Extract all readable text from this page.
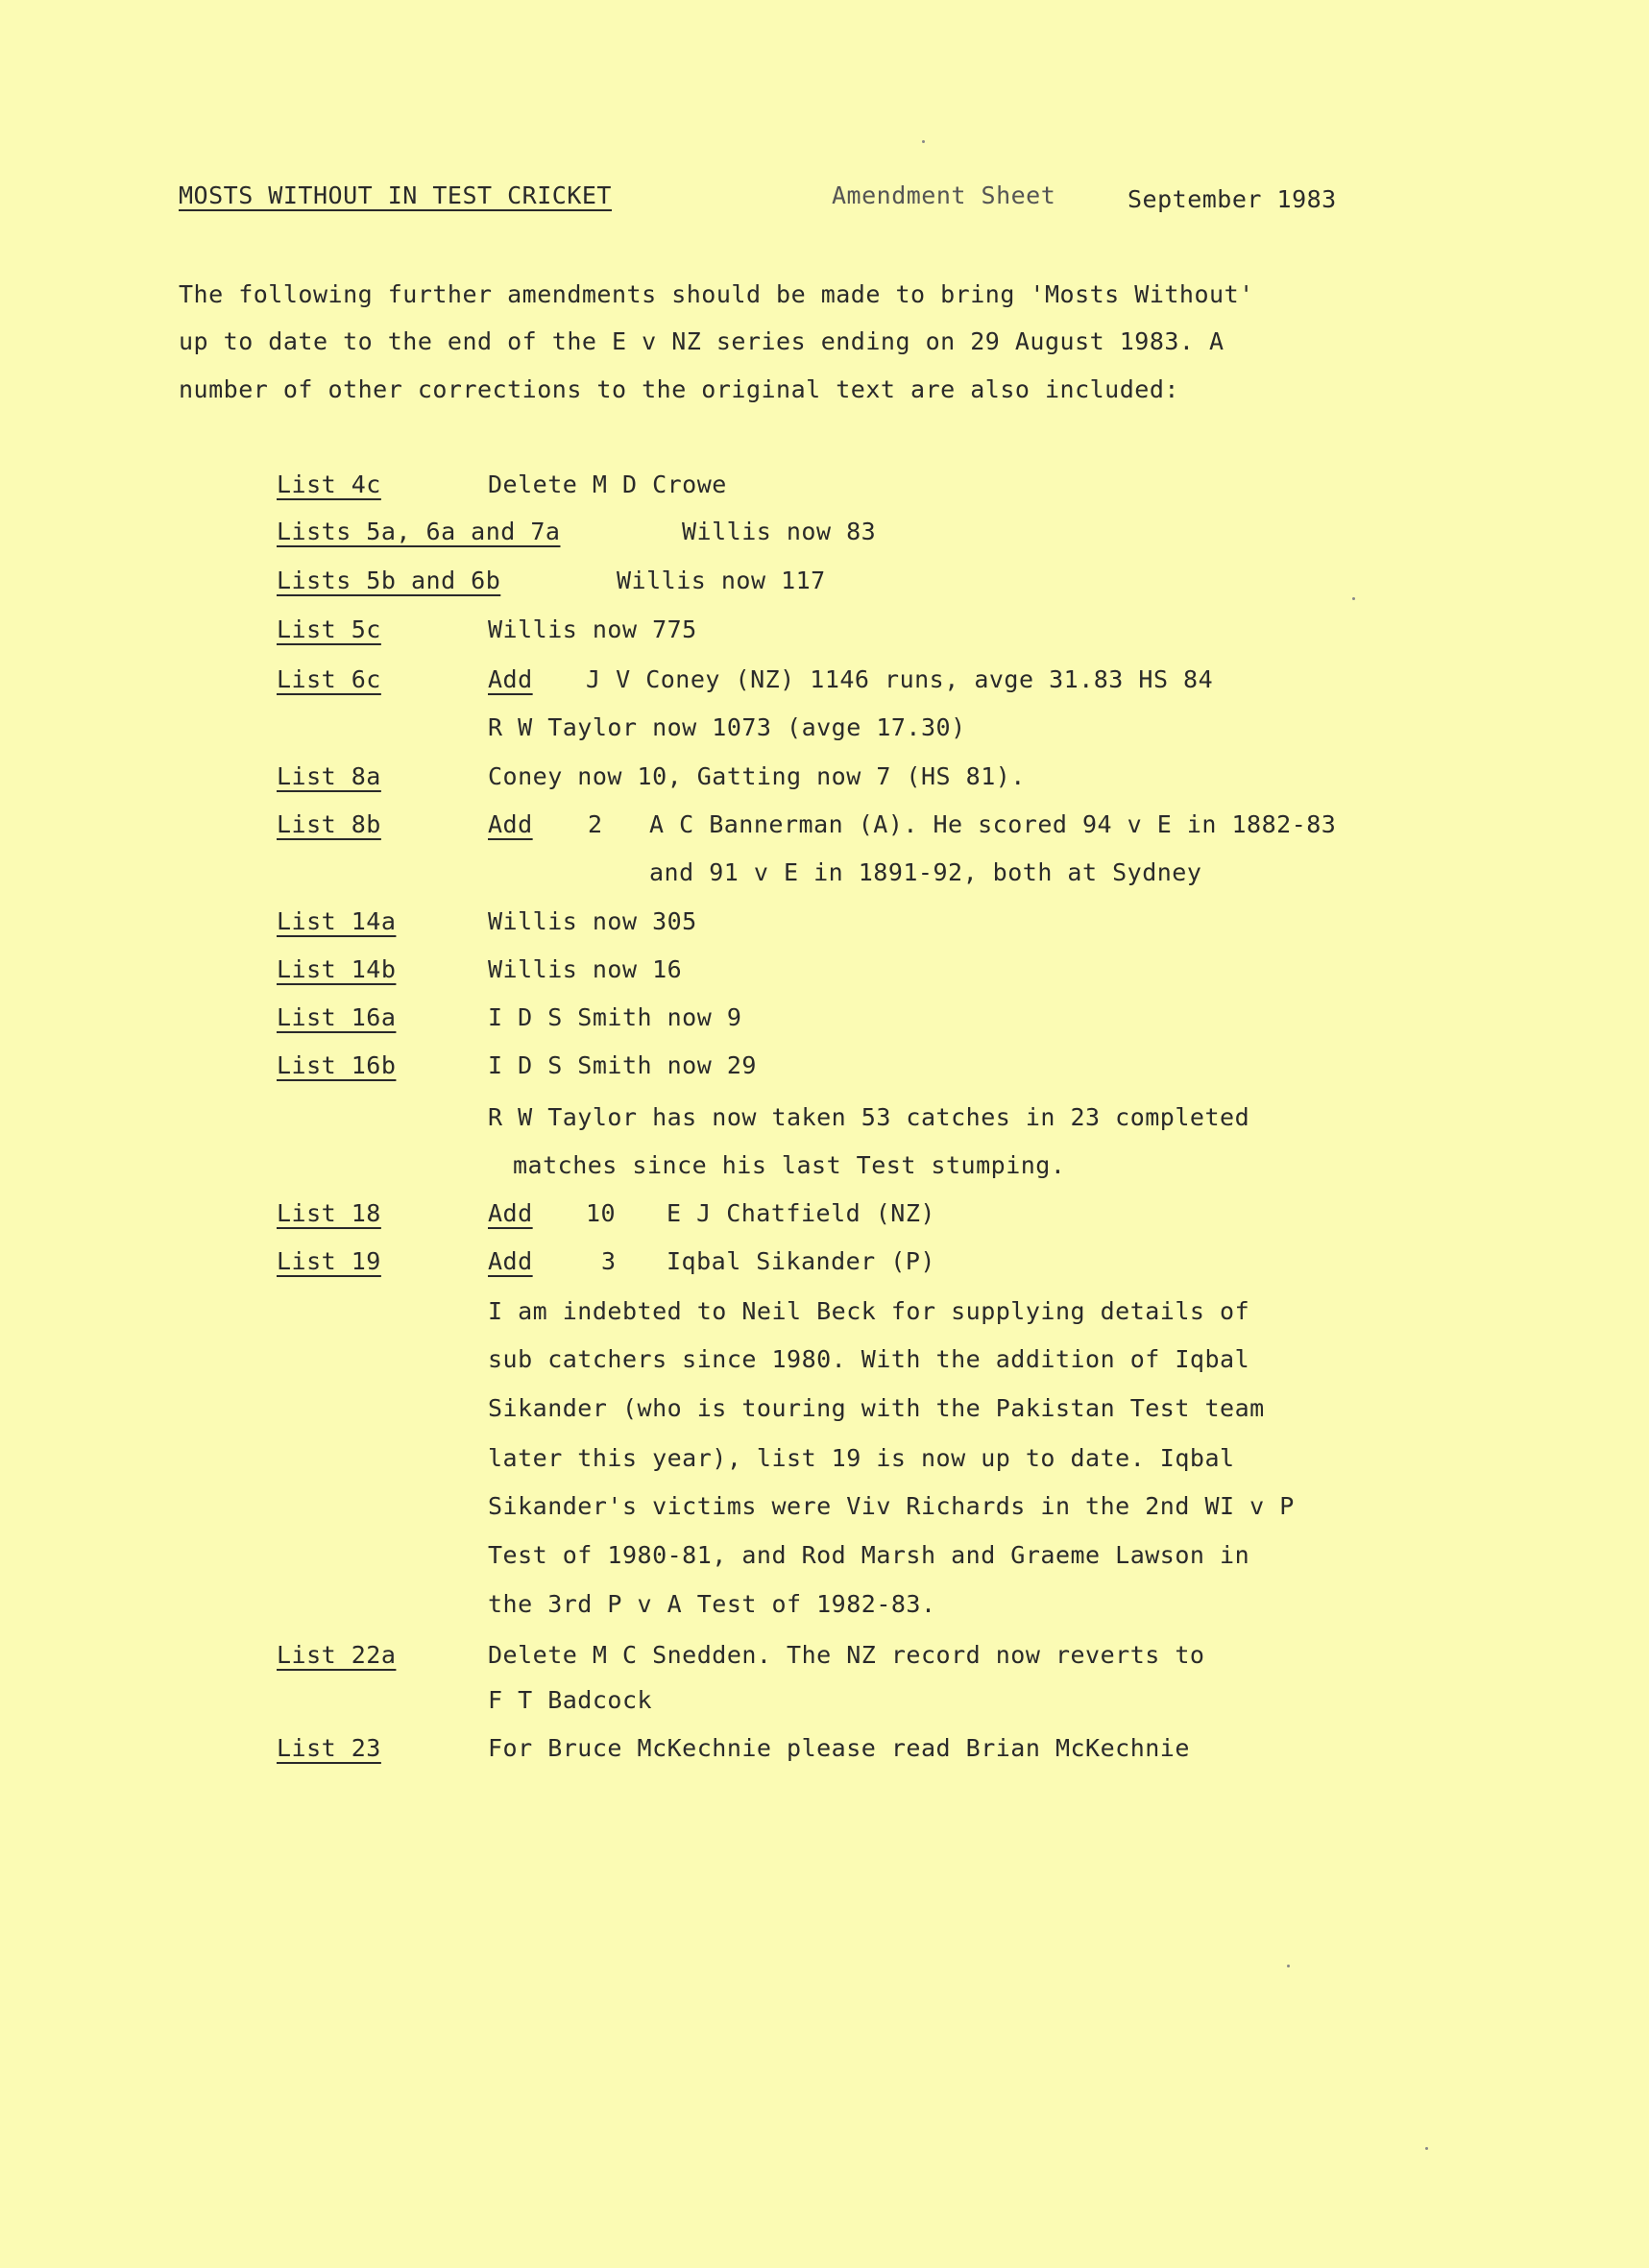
MOSTS WITHOUT IN TEST CRICKET	Amendment Sheet	September 1983
The following further amendments should be made to bring 'Mosts Without'
up to date to the end of the E v NZ series ending on 29 August 1983. A
number of other corrections to the original text are also included:
List 4c	Delete M D Crowe
Lists 5a, 6a and 7a	Willis now 83
Lists 5b and 6b	Willis now 117
List 5c	Willis now 775
List 6c	Add J V Coney (NZ) 1146 runs, avge 31.83 HS 84
R W Taylor now 1073 (avge 17.30)
List 8a	Coney now 10, Gatting now 7 (HS 81).
List 8b	Add 2 A C Bannerman (A). He scored 94 v E in 1882-83
and 91 v E in 1891-92, both at Sydney
List 14a	Willis now 305
List 14b	Willis now 16
List 16a	I D S Smith now 9
List 16b	I D S Smith now 29
R W Taylor has now taken 53 catches in 23 completed
matches since his last Test stumping.
List 18	Add 10 E J Chatfield (NZ)
List 19	Add	3 Iqbal Sikander (P)
I am indebted to Neil Beck for supplying details of
sub catchers since 1980. With the addition of Iqbal
Sikander (who is touring with the Pakistan Test team
later this year), list 19 is now up to date. Iqbal
Sikander's victims were Viv Richards in the 2nd WI v P
Test of 1980-81, and Rod Marsh and Graeme Lawson in
the 3rd P v A Test of 1982-83.
List 22a	Delete M C Snedden. The NZ record now reverts to
F T Badcock
List 23	For Bruce McKechnie please read Brian McKechnie
